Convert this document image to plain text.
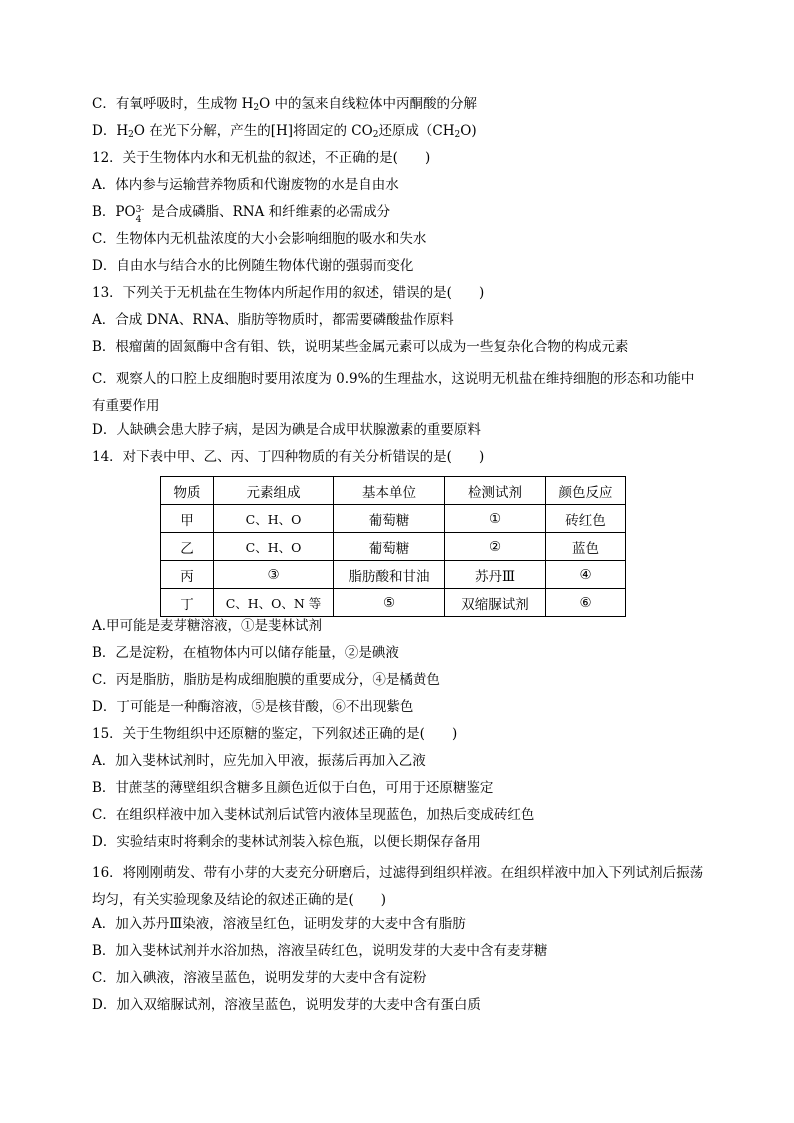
C．有氧呼吸时，生成物 $H_2O$ 中的氢来自线粒体中丙酮酸的分解
D．$H_2O$ 在光下分解，产生的[H]将固定的 $CO_2$还原成$(CH_2O)$
12．关于生物体内水和无机盐的叙述，不正确的是(　　)
A．体内参与运输营养物质和代谢废物的水是自由水
B．PO 3-
4 是合成磷脂、RNA 和纤维素的必需成分
C．生物体内无机盐浓度的大小会影响细胞的吸水和失水
D．自由水与结合水的比例随生物体代谢的强弱而变化
13．下列关于无机盐在生物体内所起作用的叙述，错误的是(　　)
A．合成 DNA、RNA、脂肪等物质时，都需要磷酸盐作原料
B．根瘤菌的固氮酶中含有钼、铁，说明某些金属元素可以成为一些复杂化合物的构成元素
C．观察人的口腔上皮细胞时要用浓度为 0.9%的生理盐水，这说明无机盐在维持细胞的形态和功能中有重要作用
D．人缺碘会患大脖子病，是因为碘是合成甲状腺激素的重要原料
14．对下表中甲、乙、丙、丁四种物质的有关分析错误的是(　　)
物质	元素组成	基本单位	检测试剂	颜色反应
甲	C、H、O	葡萄糖	①	砖红色
乙	C、H、O	葡萄糖	②	蓝色
丙	③	脂肪酸和甘油	苏丹Ⅲ	④
丁	C、H、O、N 等	⑤	双缩脲试剂	⑥
A.甲可能是麦芽糖溶液，①是斐林试剂
B．乙是淀粉，在植物体内可以储存能量，②是碘液
C．丙是脂肪，脂肪是构成细胞膜的重要成分，④是橘黄色
D．丁可能是一种酶溶液，⑤是核苷酸，⑥不出现紫色
15．关于生物组织中还原糖的鉴定，下列叙述正确的是(　　)
A．加入斐林试剂时，应先加入甲液，振荡后再加入乙液
B．甘蔗茎的薄壁组织含糖多且颜色近似于白色，可用于还原糖鉴定
C．在组织样液中加入斐林试剂后试管内液体呈现蓝色，加热后变成砖红色
D．实验结束时将剩余的斐林试剂装入棕色瓶，以便长期保存备用
16．将刚刚萌发、带有小芽的大麦充分研磨后，过滤得到组织样液。在组织样液中加入下列试剂后振荡均匀，有关实验现象及结论的叙述正确的是(　　)
A．加入苏丹Ⅲ染液，溶液呈红色，证明发芽的大麦中含有脂肪
B．加入斐林试剂并水浴加热，溶液呈砖红色，说明发芽的大麦中含有麦芽糖
C．加入碘液，溶液呈蓝色，说明发芽的大麦中含有淀粉
D．加入双缩脲试剂，溶液呈蓝色，说明发芽的大麦中含有蛋白质
